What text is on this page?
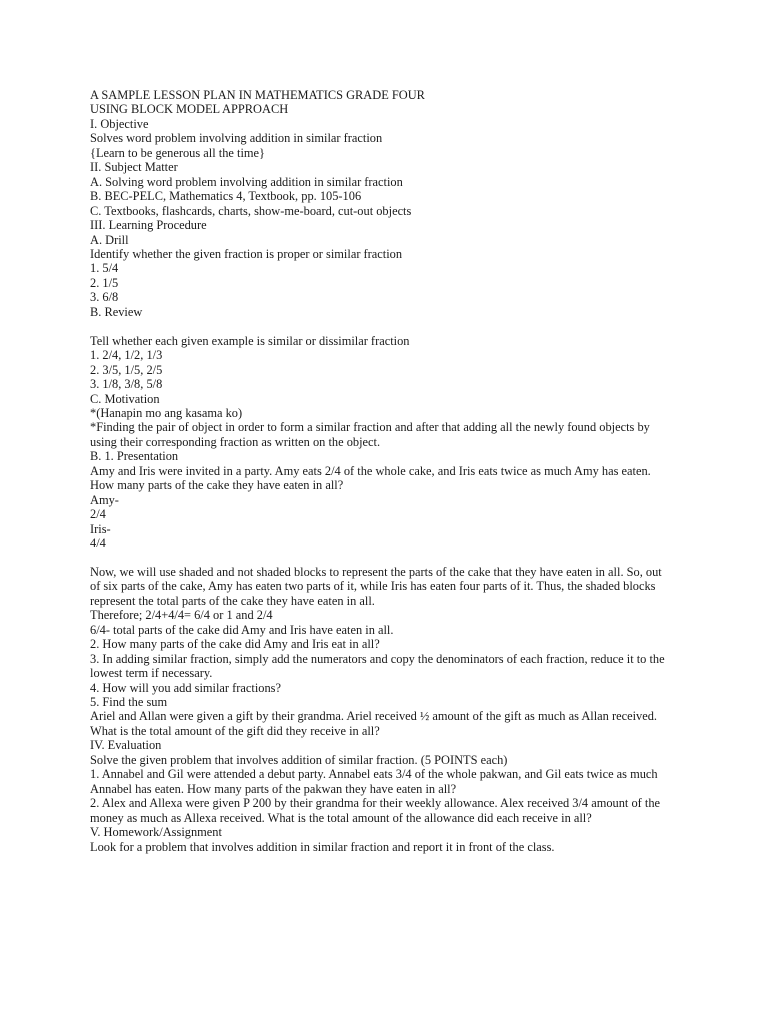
A SAMPLE LESSON PLAN IN MATHEMATICS GRADE FOUR
USING BLOCK MODEL APPROACH
I. Objective
Solves word problem involving addition in similar fraction
{Learn to be generous all the time}
II. Subject Matter
A. Solving word problem involving addition in similar fraction
B. BEC-PELC, Mathematics 4, Textbook, pp. 105-106
C. Textbooks, flashcards, charts, show-me-board, cut-out objects
III. Learning Procedure
A. Drill
Identify whether the given fraction is proper or similar fraction
1. 5/4
2. 1/5
3. 6/8
B. Review
Tell whether each given example is similar or dissimilar fraction
1. 2/4, 1/2, 1/3
2. 3/5, 1/5, 2/5
3. 1/8, 3/8, 5/8
C. Motivation
*(Hanapin mo ang kasama ko)
*Finding the pair of object in order to form a similar fraction and after that adding all the newly found objects by
using their corresponding fraction as written on the object.
B. 1. Presentation
Amy and Iris were invited in a party. Amy eats 2/4 of the whole cake, and Iris eats twice as much Amy has eaten.
How many parts of the cake they have eaten in all?
Amy-
2/4
Iris-
4/4
Now, we will use shaded and not shaded blocks to represent the parts of the cake that they have eaten in all. So, out
of six parts of the cake, Amy has eaten two parts of it, while Iris has eaten four parts of it. Thus, the shaded blocks
represent the total parts of the cake they have eaten in all.
Therefore; 2/4+4/4= 6/4 or 1 and 2/4
6/4- total parts of the cake did Amy and Iris have eaten in all.
2. How many parts of the cake did Amy and Iris eat in all?
3. In adding similar fraction, simply add the numerators and copy the denominators of each fraction, reduce it to the
lowest term if necessary.
4. How will you add similar fractions?
5. Find the sum
Ariel and Allan were given a gift by their grandma. Ariel received ½ amount of the gift as much as Allan received.
What is the total amount of the gift did they receive in all?
IV. Evaluation
Solve the given problem that involves addition of similar fraction. (5 POINTS each)
1. Annabel and Gil were attended a debut party. Annabel eats 3/4 of the whole pakwan, and Gil eats twice as much
Annabel has eaten. How many parts of the pakwan they have eaten in all?
2. Alex and Allexa were given P 200 by their grandma for their weekly allowance. Alex received 3/4 amount of the
money as much as Allexa received. What is the total amount of the allowance did each receive in all?
V. Homework/Assignment
Look for a problem that involves addition in similar fraction and report it in front of the class.
